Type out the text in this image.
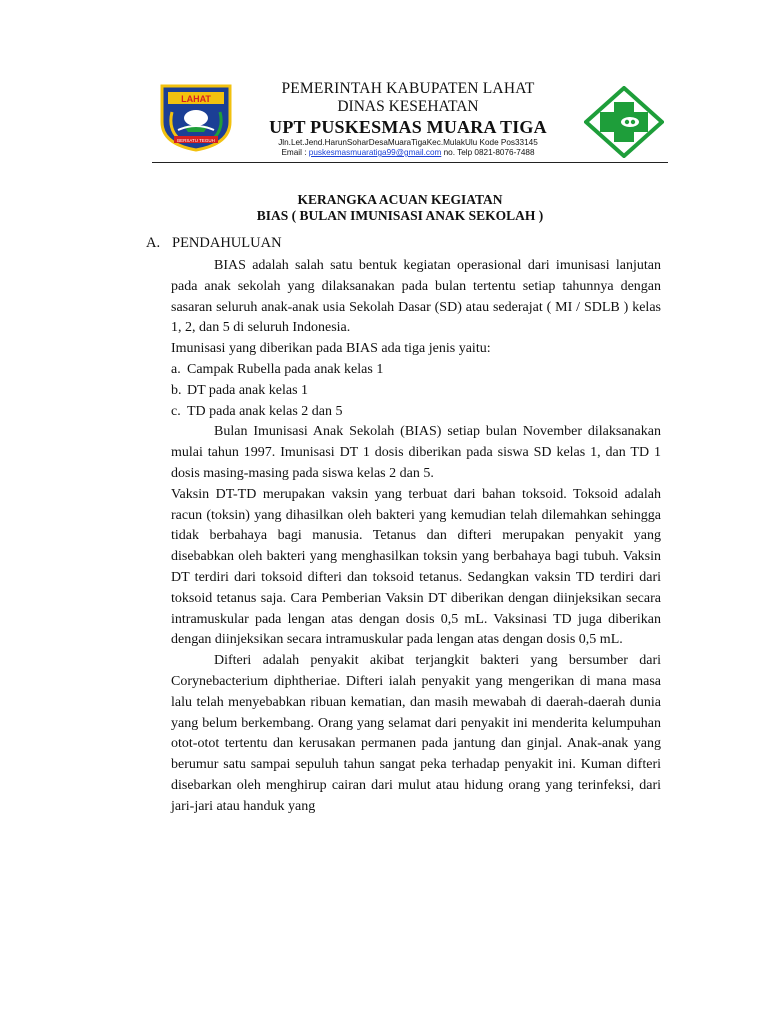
LAHAT
BERSATU TEGUH
PEMERINTAH KABUPATEN LAHAT
DINAS KESEHATAN
UPT PUSKESMAS MUARA TIGA
Jln.Let.Jend.HarunSoharDesaMuaraTigaKec.MulakUlu Kode Pos33145
Email : puskesmasmuaratiga99@gmail.com no. Telp 0821-8076-7488
KERANGKA ACUAN KEGIATAN
BIAS ( BULAN IMUNISASI ANAK SEKOLAH )
A. PENDAHULUAN

BIAS adalah salah satu bentuk kegiatan operasional dari imunisasi lanjutan pada anak sekolah yang dilaksanakan pada bulan tertentu setiap tahunnya dengan sasaran seluruh anak-anak usia Sekolah Dasar (SD) atau sederajat ( MI / SDLB ) kelas 1, 2, dan 5 di seluruh Indonesia.

Imunisasi yang diberikan pada BIAS ada tiga jenis yaitu:

a. Campak Rubella pada anak kelas 1

b. DT pada anak kelas 1

c. TD pada anak kelas 2 dan 5

Bulan Imunisasi Anak Sekolah (BIAS) setiap bulan November dilaksanakan mulai tahun 1997. Imunisasi DT 1 dosis diberikan pada siswa SD kelas 1, dan TD 1 dosis masing-masing pada siswa kelas 2 dan 5.

Vaksin DT-TD merupakan vaksin yang terbuat dari bahan toksoid. Toksoid adalah racun (toksin) yang dihasilkan oleh bakteri yang kemudian telah dilemahkan sehingga tidak berbahaya bagi manusia. Tetanus dan difteri merupakan penyakit yang disebabkan oleh bakteri yang menghasilkan toksin yang berbahaya bagi tubuh. Vaksin DT terdiri dari toksoid difteri dan toksoid tetanus. Sedangkan vaksin TD terdiri dari toksoid tetanus saja. Cara Pemberian Vaksin DT diberikan dengan diinjeksikan secara intramuskular pada lengan atas dengan dosis 0,5 mL. Vaksinasi TD juga diberikan dengan diinjeksikan secara intramuskular pada lengan atas dengan dosis 0,5 mL.

Difteri adalah penyakit akibat terjangkit bakteri yang bersumber dari Corynebacterium diphtheriae. Difteri ialah penyakit yang mengerikan di mana masa lalu telah menyebabkan ribuan kematian, dan masih mewabah di daerah-daerah dunia yang belum berkembang. Orang yang selamat dari penyakit ini menderita kelumpuhan otot-otot tertentu dan kerusakan permanen pada jantung dan ginjal. Anak-anak yang berumur satu sampai sepuluh tahun sangat peka terhadap penyakit ini. Kuman difteri disebarkan oleh menghirup cairan dari mulut atau hidung orang yang terinfeksi, dari jari-jari atau handuk yang
